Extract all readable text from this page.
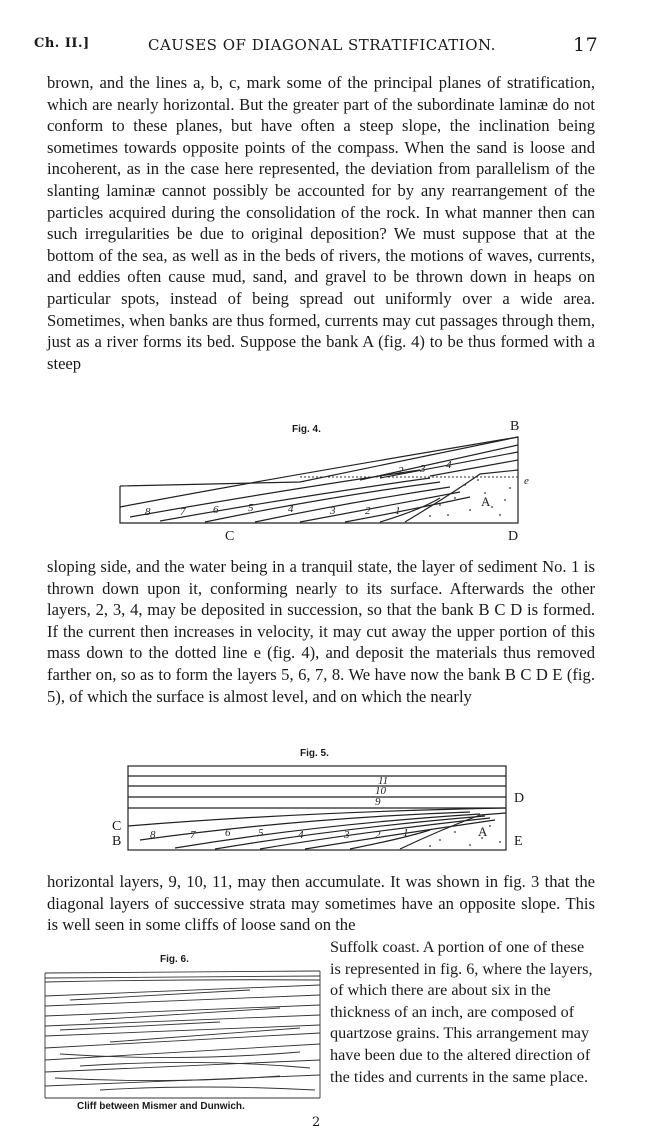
Ch. II.]	CAUSES OF DIAGONAL STRATIFICATION.	17

brown, and the lines a, b, c, mark some of the principal planes of stratification, which are nearly horizontal. But the greater part of the subordinate laminæ do not conform to these planes, but have often a steep slope, the inclination being sometimes towards opposite points of the compass. When the sand is loose and incoherent, as in the case here represented, the deviation from parallelism of the slanting laminæ cannot possibly be accounted for by any rearrangement of the particles acquired during the consolidation of the rock. In what manner then can such irregularities be due to original deposition? We must suppose that at the bottom of the sea, as well as in the beds of rivers, the motions of waves, currents, and eddies often cause mud, sand, and gravel to be thrown down in heaps on particular spots, instead of being spread out uniformly over a wide area. Sometimes, when banks are thus formed, currents may cut passages through them, just as a river forms its bed. Suppose the bank A (fig. 4) to be thus formed with a steep

Fig. 4.	B
C	D
8	7	6	5	4	3	2 1
2 3 4
A
e

sloping side, and the water being in a tranquil state, the layer of sediment No. 1 is thrown down upon it, conforming nearly to its surface. Afterwards the other layers, 2, 3, 4, may be deposited in succession, so that the bank B C D is formed. If the current then increases in velocity, it may cut away the upper portion of this mass down to the dotted line e (fig. 4), and deposit the materials thus removed farther on, so as to form the layers 5, 6, 7, 8. We have now the bank B C D E (fig. 5), of which the surface is almost level, and on which the nearly

Fig. 5.
C
B
D
E
11
10
9
8	7	6	5	4	3 2 1	A

horizontal layers, 9, 10, 11, may then accumulate. It was shown in fig. 3 that the diagonal layers of successive strata may sometimes have an opposite slope. This is well seen in some cliffs of loose sand on the

Suffolk coast. A portion of one of these is represented in fig. 6, where the layers, of which there are about six in the thickness of an inch, are composed of quartzose grains. This arrangement may have been due to the altered direction of the tides and currents in the same place.
Fig. 6.
Cliff between Mismer and Dunwich.
2
